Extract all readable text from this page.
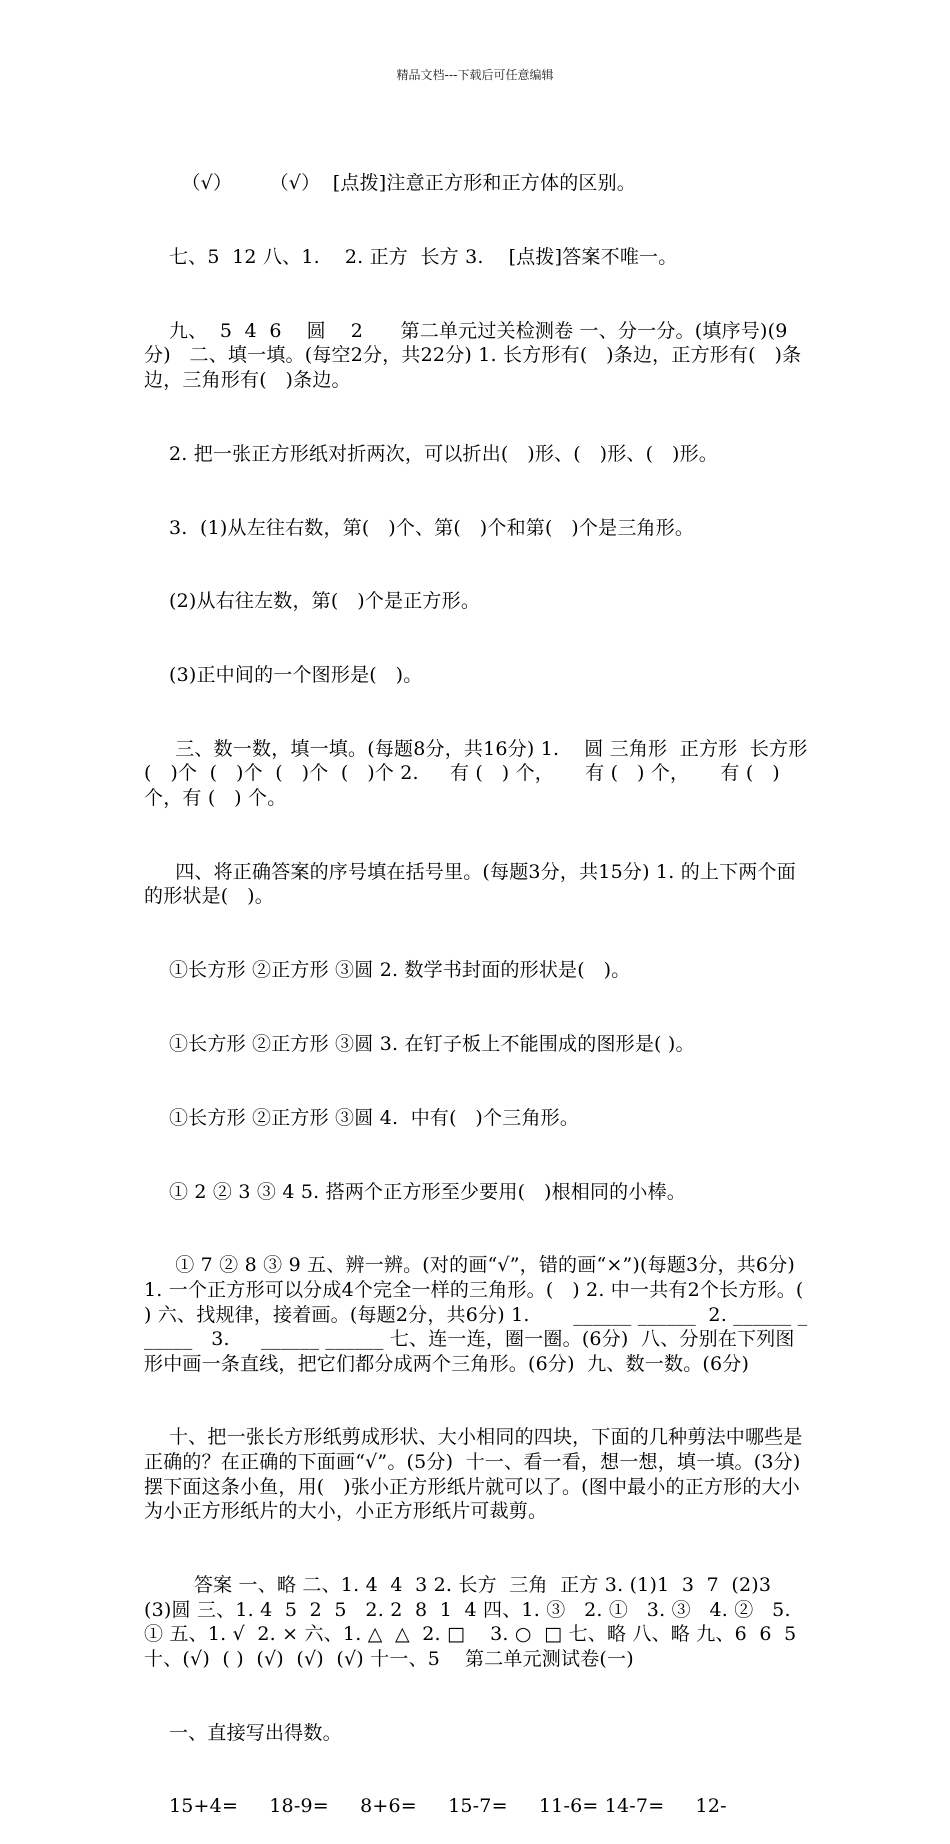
精品文档---下载后可任意编辑

（√）      （√）  [点拨]注意正方形和正方体的区别。

七、5  12 八、1.    2. 正方  长方 3.    [点拨]答案不唯一。

九、  5  4  6    圆    2      第二单元过关检测卷 一、分一分。(填序号)(9分)   二、填一填。(每空2分，共22分) 1. 长方形有(   )条边，正方形有(   )条边，三角形有(   )条边。

2. 把一张正方形纸对折两次，可以折出(   )形、(   )形、(   )形。

3.  (1)从左往右数，第(   )个、第(   )个和第(   )个是三角形。

(2)从右往左数，第(   )个是正方形。

(3)正中间的一个图形是(   )。

三、数一数，填一填。(每题8分，共16分) 1.    圆 三角形  正方形  长方形  (   )个  (   )个  (   )个  (   )个 2.     有 (   ) 个，     有 (   ) 个，     有 (   ) 个，有 (   ) 个。

四、将正确答案的序号填在括号里。(每题3分，共15分) 1. 的上下两个面的形状是(   )。

①长方形 ②正方形 ③圆 2. 数学书封面的形状是(   )。

①长方形 ②正方形 ③圆 3. 在钉子板上不能围成的图形是( )。

①长方形 ②正方形 ③圆 4.  中有(   )个三角形。

① 2 ② 3 ③ 4 5. 搭两个正方形至少要用(   )根相同的小棒。

① 7 ② 8 ③ 9 五、辨一辨。(对的画“√”，错的画“×”)(每题3分，共6分) 1. 一个正方形可以分成4个完全一样的三角形。(   ) 2. 中一共有2个长方形。(   ) 六、找规律，接着画。(每题2分，共6分) 1.       ______ ______  2. ______ ______   3.     ______ ______ 七、连一连，圈一圈。(6分)  八、分别在下列图形中画一条直线，把它们都分成两个三角形。(6分)  九、数一数。(6分)

十、把一张长方形纸剪成形状、大小相同的四块，下面的几种剪法中哪些是正确的？在正确的下面画“√”。(5分)  十一、看一看，想一想，填一填。(3分) 摆下面这条小鱼，用(   )张小正方形纸片就可以了。(图中最小的正方形的大小为小正方形纸片的大小，小正方形纸片可裁剪。

答案 一、略 二、1. 4  4  3 2. 长方  三角  正方 3. (1)1  3  7  (2)3  (3)圆 三、1. 4  5  2  5   2. 2  8  1  4 四、1. ③   2. ①   3. ③   4. ②   5. ① 五、1. √  2. × 六、1. △  △  2. □    3. ○  □ 七、略 八、略 九、6  6  5 十、(√)  ( )  (√)  (√)  (√) 十一、5    第二单元测试卷(一)

一、直接写出得数。

15+4=     18-9=     8+6=     15-7=     11-6= 14-7=     12-
